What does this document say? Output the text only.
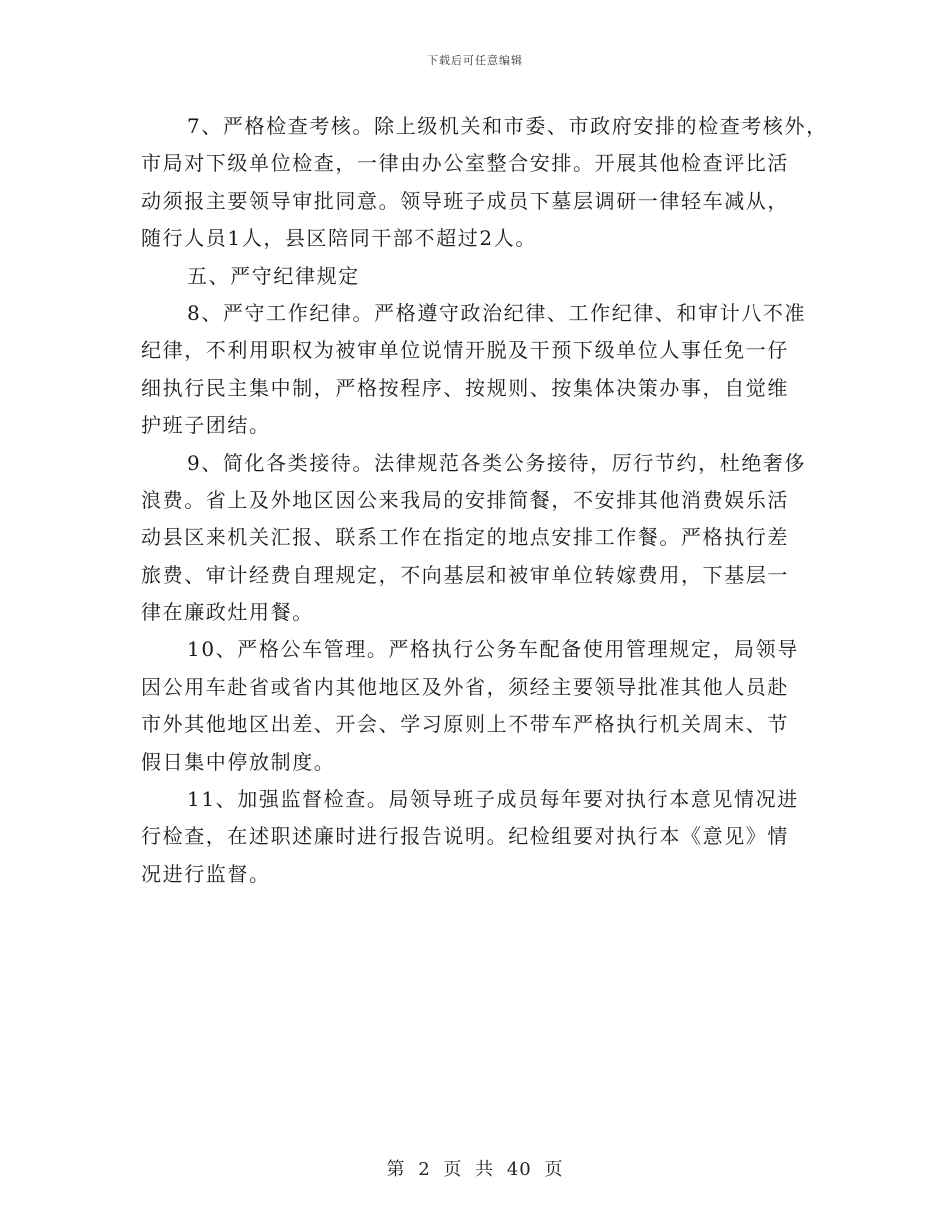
下载后可任意编辑
7、严格检查考核。除上级机关和市委、市政府安排的检查考核外，
市局对下级单位检查，一律由办公室整合安排。开展其他检查评比活
动须报主要领导审批同意。领导班子成员下墓层调研一律轻车减从，
随行人员1人，县区陪同干部不超过2人。
五、严守纪律规定
8、严守工作纪律。严格遵守政治纪律、工作纪律、和审计八不准
纪律，不利用职权为被审单位说情开脱及干预下级单位人事任免一仔
细执行民主集中制，严格按程序、按规则、按集体决策办事，自觉维
护班子团结。
9、简化各类接待。法律规范各类公务接待，厉行节约，杜绝奢侈
浪费。省上及外地区因公来我局的安排简餐，不安排其他消费娱乐活
动县区来机关汇报、联系工作在指定的地点安排工作餐。严格执行差
旅费、审计经费自理规定，不向基层和被审单位转嫁费用，下基层一
律在廉政灶用餐。
10、严格公车管理。严格执行公务车配备使用管理规定，局领导
因公用车赴省或省内其他地区及外省，须经主要领导批准其他人员赴
市外其他地区出差、开会、学习原则上不带车严格执行机关周末、节
假日集中停放制度。
11、加强监督检查。局领导班子成员每年要对执行本意见情况进
行检查，在述职述廉时进行报告说明。纪检组要对执行本《意见》情
况进行监督。
第 2 页 共 40 页
